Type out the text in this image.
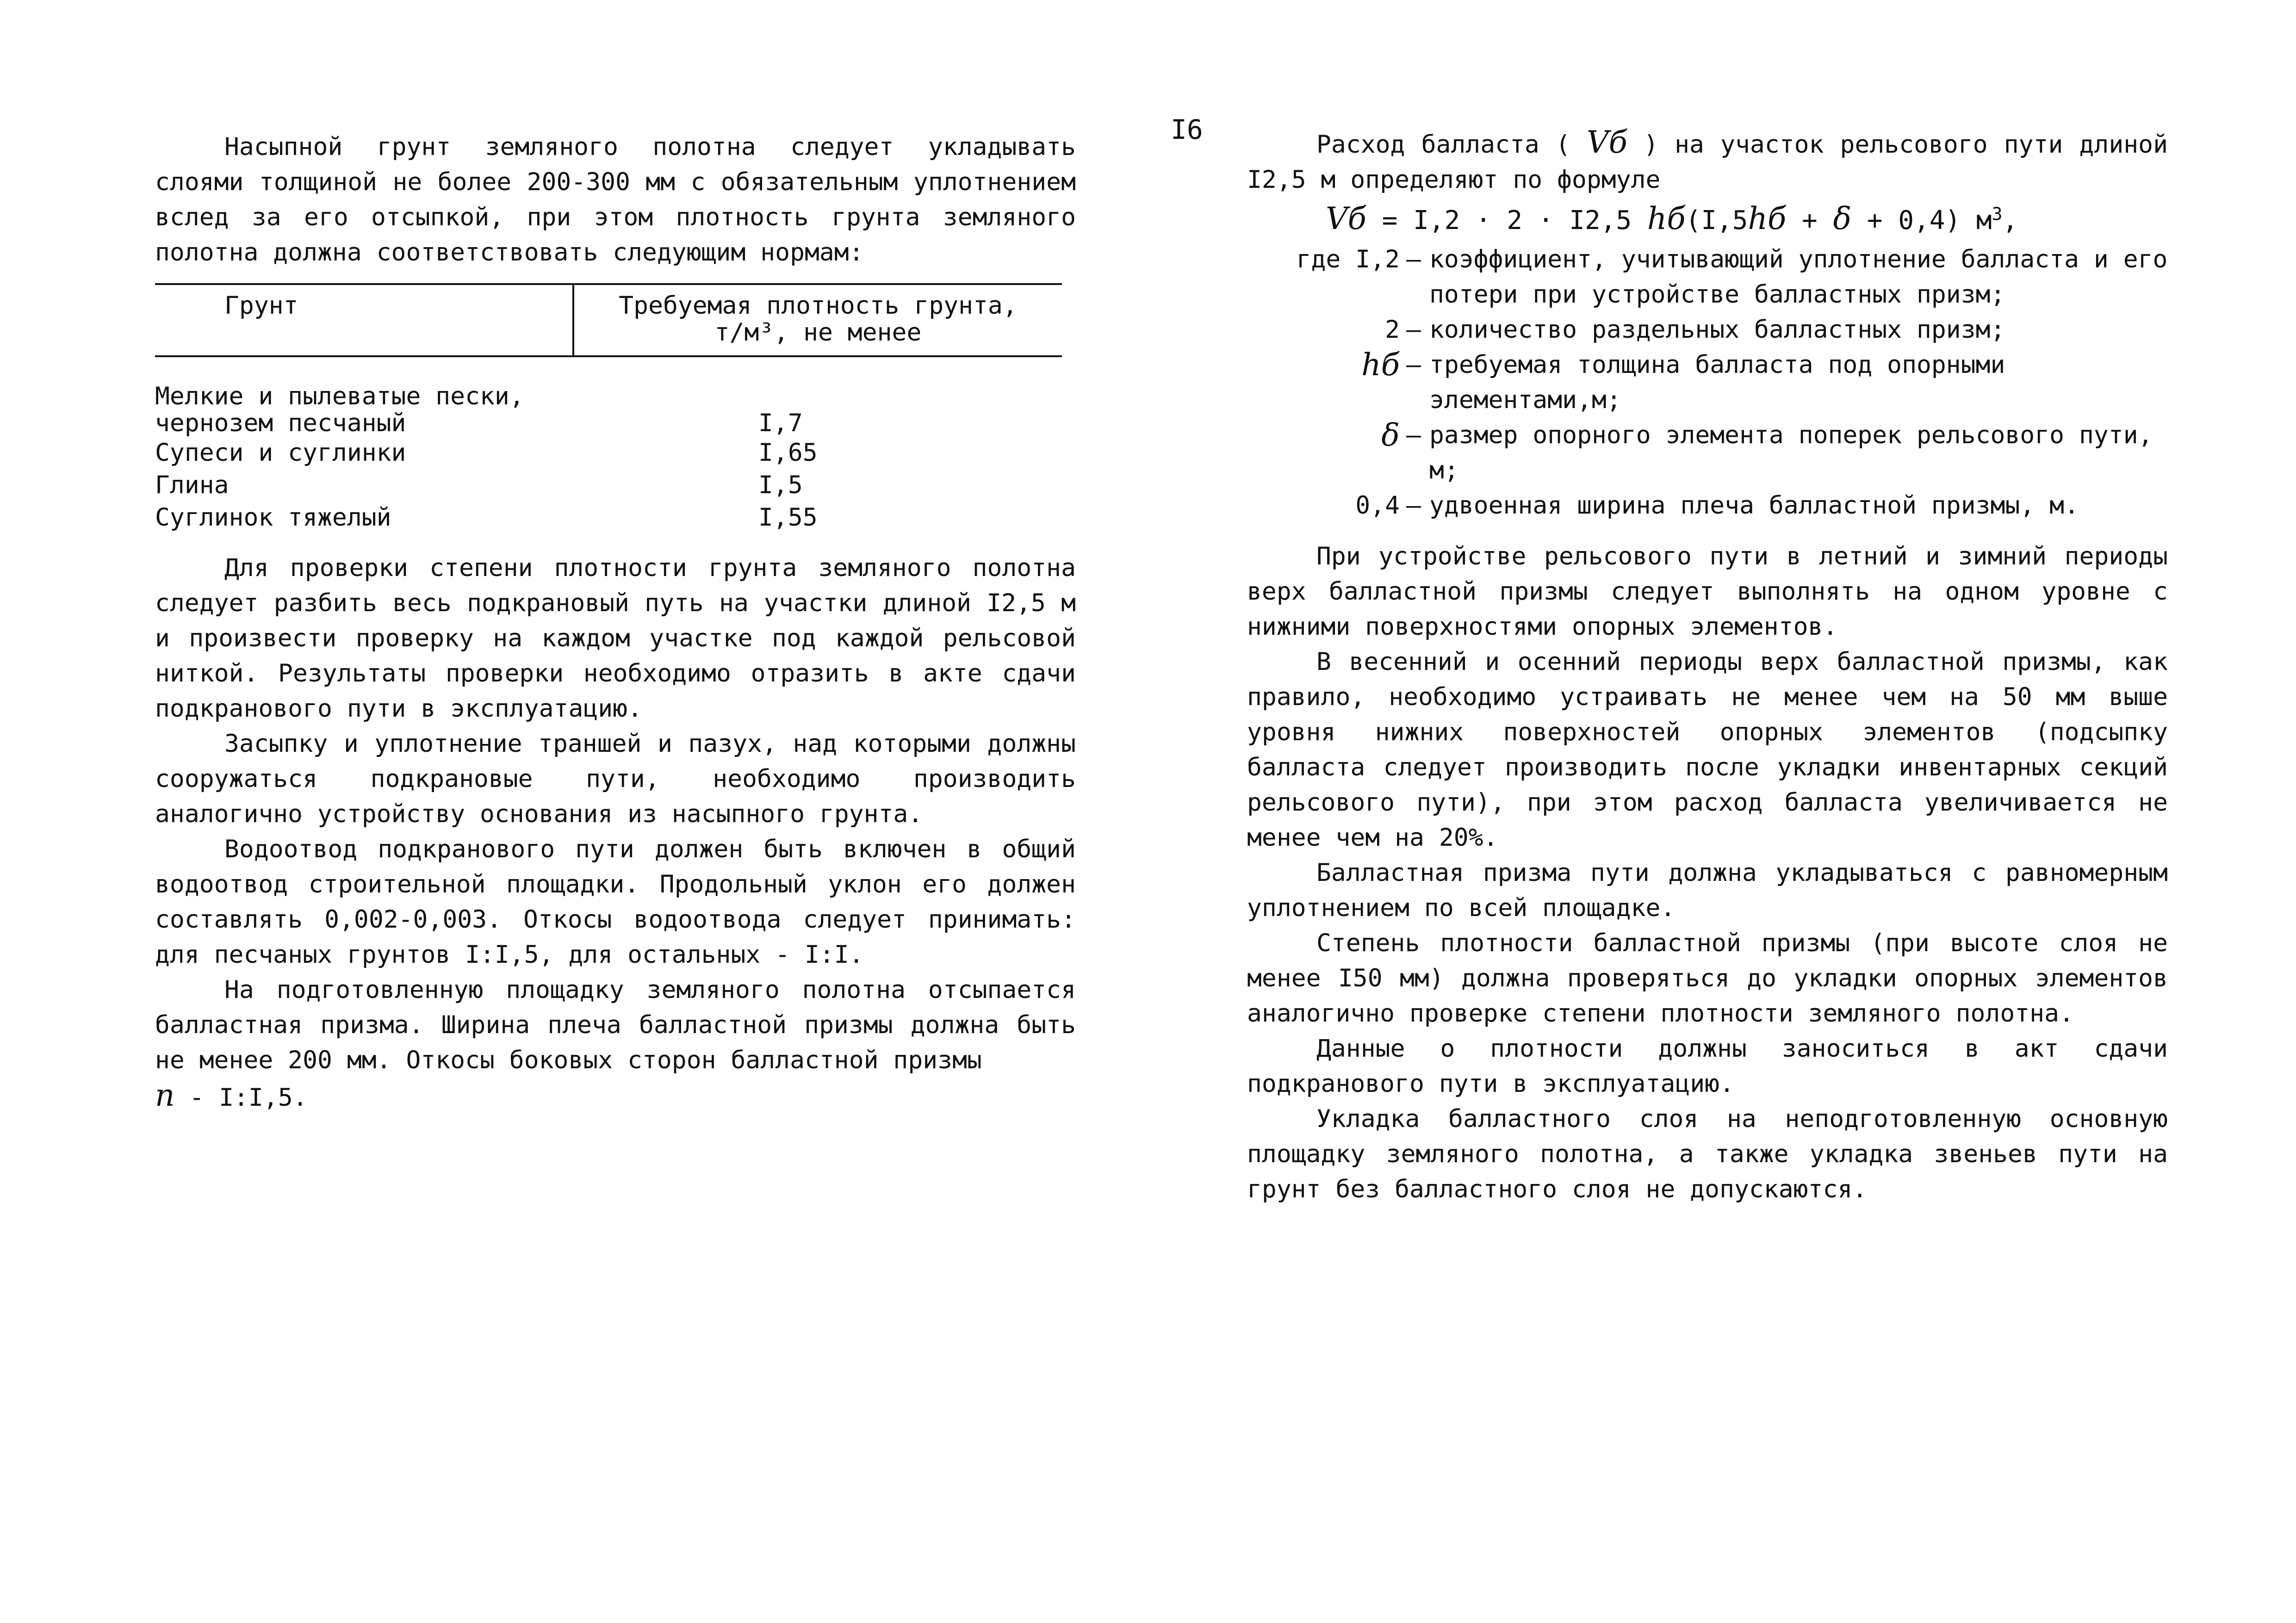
I6

Насыпной грунт земляного полотна следует укладывать слоями толщиной не более 200-300 мм с обязательным уплотнением вслед за его отсыпкой, при этом плотность грунта земляного полотна должна соответствовать следующим нормам:

Грунт	Требуемая плотность грунта,
т/м³, не менее

Мелкие и пылеватые пески,
чернозем песчаный	I,7
Супеси и суглинки	I,65
Глина	I,5
Суглинок тяжелый	I,55

Для проверки степени плотности грунта земляного полотна следует разбить весь подкрановый путь на участки длиной I2,5 м и произвести проверку на каждом участке под каждой рельсовой ниткой. Результаты проверки необходимо отразить в акте сдачи подкранового пути в эксплуатацию.

Засыпку и уплотнение траншей и пазух, над которыми должны сооружаться подкрановые пути, необходимо производить аналогично устройству основания из насыпного грунта.

Водоотвод подкранового пути должен быть включен в общий водоотвод строительной площадки. Продольный уклон его должен составлять 0,002-0,003. Откосы водоотвода следует принимать: для песчаных грунтов I:I,5, для остальных - I:I.

На подготовленную площадку земляного полотна отсыпается балластная призма. Ширина плеча балластной призмы должна быть не менее 200 мм. Откосы боковых сторон балластной призмы
n - I:I,5.

Расход балласта ( Vб ) на участок рельсового пути длиной I2,5 м определяют по формуле

Vб = I,2 · 2 · I2,5 hб(I,5hб + δ + 0,4) $м^3$,
где I,2 – коэффициент, учитывающий уплотнение балласта и его
потери при устройстве балластных призм;
2 – количество раздельных балластных призм;
hб – требуемая толщина балласта под опорными элементами,м;
δ – размер опорного элемента поперек рельсового пути, м;
0,4 – удвоенная ширина плеча балластной призмы, м.

При устройстве рельсового пути в летний и зимний периоды верх балластной призмы следует выполнять на одном уровне с нижними поверхностями опорных элементов.

В весенний и осенний периоды верх балластной призмы, как правило, необходимо устраивать не менее чем на 50 мм выше уровня нижних поверхностей опорных элементов (подсыпку балласта следует производить после укладки инвентарных секций рельсового пути), при этом расход балласта увеличивается не менее чем на 20%.

Балластная призма пути должна укладываться с равномерным уплотнением по всей площадке.

Степень плотности балластной призмы (при высоте слоя не менее I50 мм) должна проверяться до укладки опорных элементов аналогично проверке степени плотности земляного полотна.

Данные о плотности должны заноситься в акт сдачи подкранового пути в эксплуатацию.

Укладка балластного слоя на неподготовленную основную площадку земляного полотна, а также укладка звеньев пути на грунт без балластного слоя не допускаются.
